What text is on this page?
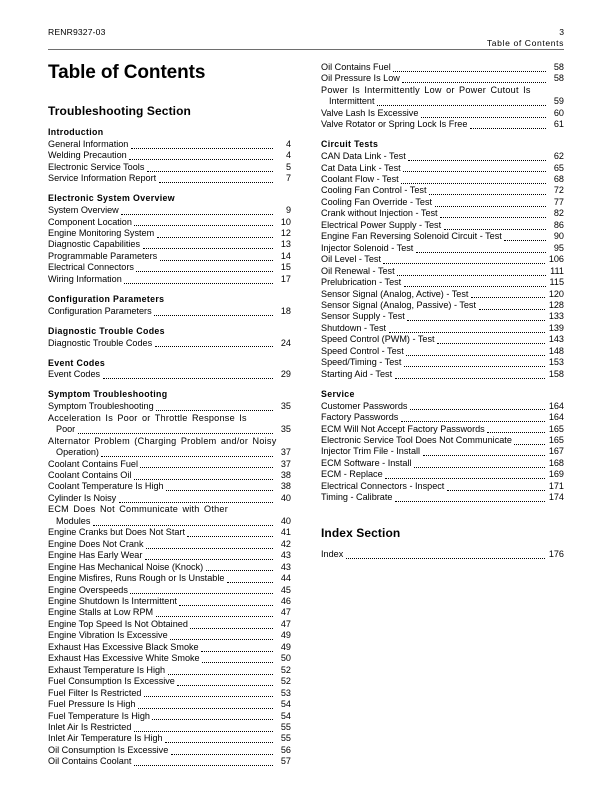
RENR9327-03	3
Table of Contents
Table of Contents
Troubleshooting Section
Introduction
General Information	4
Welding Precaution	4
Electronic Service Tools	5
Service Information Report	7
Electronic System Overview
System Overview	9
Component Location	10
Engine Monitoring System	12
Diagnostic Capabilities	13
Programmable Parameters	14
Electrical Connectors	15
Wiring Information	17
Configuration Parameters
Configuration Parameters	18
Diagnostic Trouble Codes
Diagnostic Trouble Codes	24
Event Codes
Event Codes	29
Symptom Troubleshooting
Symptom Troubleshooting	35
Acceleration Is Poor or Throttle Response Is
Poor	35
Alternator Problem (Charging Problem and/or Noisy
Operation)	37
Coolant Contains Fuel	37
Coolant Contains Oil	38
Coolant Temperature Is High	38
Cylinder Is Noisy	40
ECM Does Not Communicate with Other
Modules	40
Engine Cranks but Does Not Start	41
Engine Does Not Crank	42
Engine Has Early Wear	43
Engine Has Mechanical Noise (Knock)	43
Engine Misfires, Runs Rough or Is Unstable	44
Engine Overspeeds	45
Engine Shutdown Is Intermittent	46
Engine Stalls at Low RPM	47
Engine Top Speed Is Not Obtained	47
Engine Vibration Is Excessive	49
Exhaust Has Excessive Black Smoke	49
Exhaust Has Excessive White Smoke	50
Exhaust Temperature Is High	52
Fuel Consumption Is Excessive	52
Fuel Filter Is Restricted	53
Fuel Pressure Is High	54
Fuel Temperature Is High	54
Inlet Air Is Restricted	55
Inlet Air Temperature Is High	55
Oil Consumption Is Excessive	56
Oil Contains Coolant	57
Oil Contains Fuel	58
Oil Pressure Is Low	58
Power Is Intermittently Low or Power Cutout Is
Intermittent	59
Valve Lash Is Excessive	60
Valve Rotator or Spring Lock Is Free	61
Circuit Tests
CAN Data Link - Test	62
Cat Data Link - Test	65
Coolant Flow - Test	68
Cooling Fan Control - Test	72
Cooling Fan Override - Test	77
Crank without Injection - Test	82
Electrical Power Supply - Test	86
Engine Fan Reversing Solenoid Circuit - Test	90
Injector Solenoid - Test	95
Oil Level - Test	106
Oil Renewal - Test	111
Prelubrication - Test	115
Sensor Signal (Analog, Active) - Test	120
Sensor Signal (Analog, Passive) - Test	128
Sensor Supply - Test	133
Shutdown - Test	139
Speed Control (PWM) - Test	143
Speed Control - Test	148
Speed/Timing - Test	153
Starting Aid - Test	158
Service
Customer Passwords	164
Factory Passwords	164
ECM Will Not Accept Factory Passwords	165
Electronic Service Tool Does Not Communicate	165
Injector Trim File - Install	167
ECM Software - Install	168
ECM - Replace	169
Electrical Connectors - Inspect	171
Timing - Calibrate	174
Index Section
Index	176
